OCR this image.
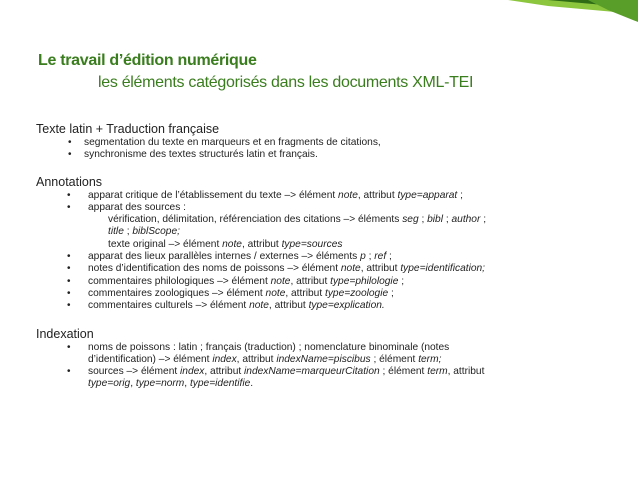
Le travail d’édition numérique
les éléments catégorisés dans les documents XML-TEI
Texte latin + Traduction française
• segmentation du texte en marqueurs et en fragments de citations,
• synchronisme des textes structurés latin et français.
Annotations
• apparat critique de l’établissement du texte –> élément note, attribut type=apparat ;
• apparat des sources :
vérification, délimitation, référenciation des citations –> éléments seg ; bibl ; author ;
title ; biblScope;
texte original –> élément note, attribut type=sources
• apparat des lieux parallèles internes / externes –> éléments p ; ref ;
• notes d’identification des noms de poissons –> élément note, attribut type=identification;
• commentaires philologiques –> élément note, attribut type=philologie ;
• commentaires zoologiques –> élément note, attribut type=zoologie ;
• commentaires culturels –> élément note, attribut type=explication.
Indexation
• noms de poissons : latin ; français (traduction) ; nomenclature binominale (notes
d’identification) –> élément index, attribut indexName=piscibus ; élément term;
• sources –> élément index, attribut indexName=marqueurCitation ; élément term, attribut
type=orig, type=norm, type=identifie.
